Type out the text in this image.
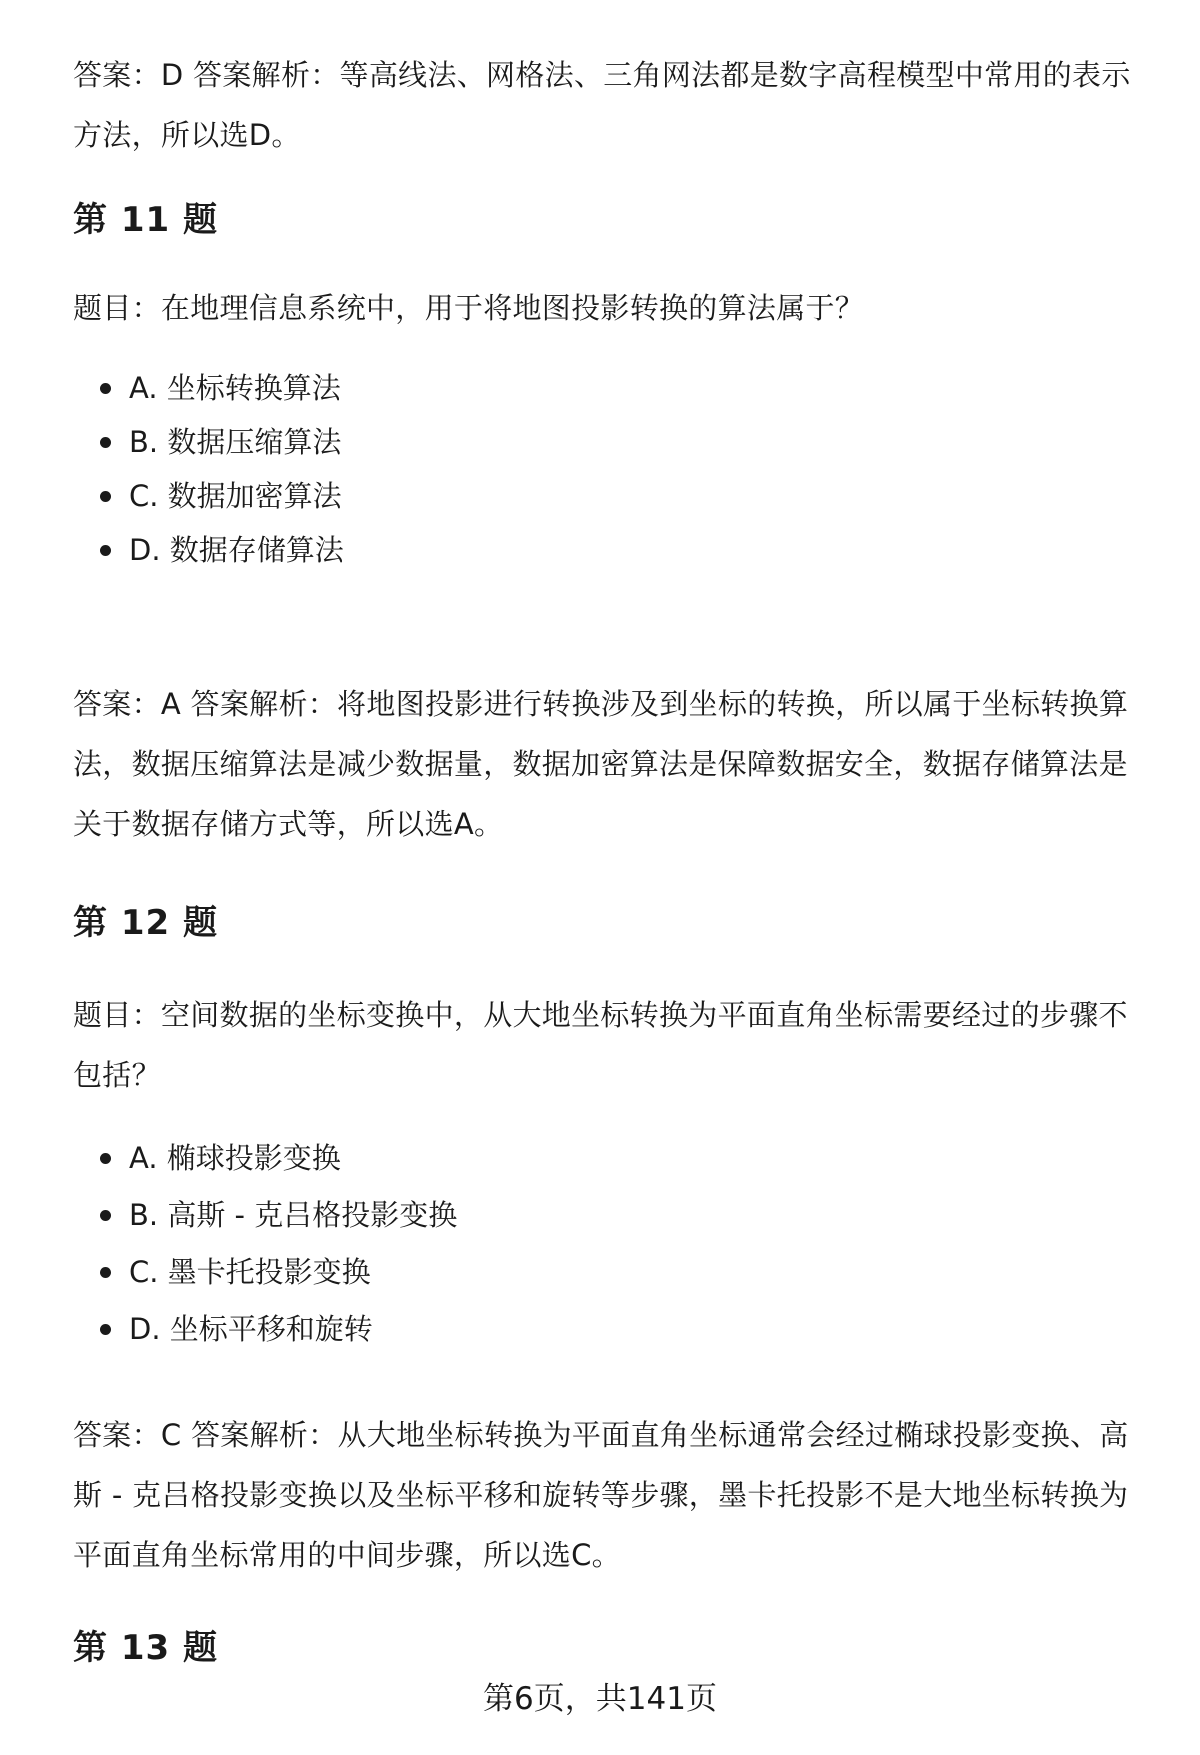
答案：D 答案解析：等高线法、网格法、三角网法都是数字高程模型中常用的表示

方法，所以选D。

第 11 题

题目：在地理信息系统中，用于将地图投影转换的算法属于？

A. 坐标转换算法
B. 数据压缩算法
C. 数据加密算法
D. 数据存储算法

答案：A 答案解析：将地图投影进行转换涉及到坐标的转换，所以属于坐标转换算

法，数据压缩算法是减少数据量，数据加密算法是保障数据安全，数据存储算法是

关于数据存储方式等，所以选A。

第 12 题

题目：空间数据的坐标变换中，从大地坐标转换为平面直角坐标需要经过的步骤不

包括？

A. 椭球投影变换
B. 高斯 - 克吕格投影变换
C. 墨卡托投影变换
D. 坐标平移和旋转

答案：C 答案解析：从大地坐标转换为平面直角坐标通常会经过椭球投影变换、高

斯 - 克吕格投影变换以及坐标平移和旋转等步骤，墨卡托投影不是大地坐标转换为

平面直角坐标常用的中间步骤，所以选C。

第 13 题
第6页，共141页
